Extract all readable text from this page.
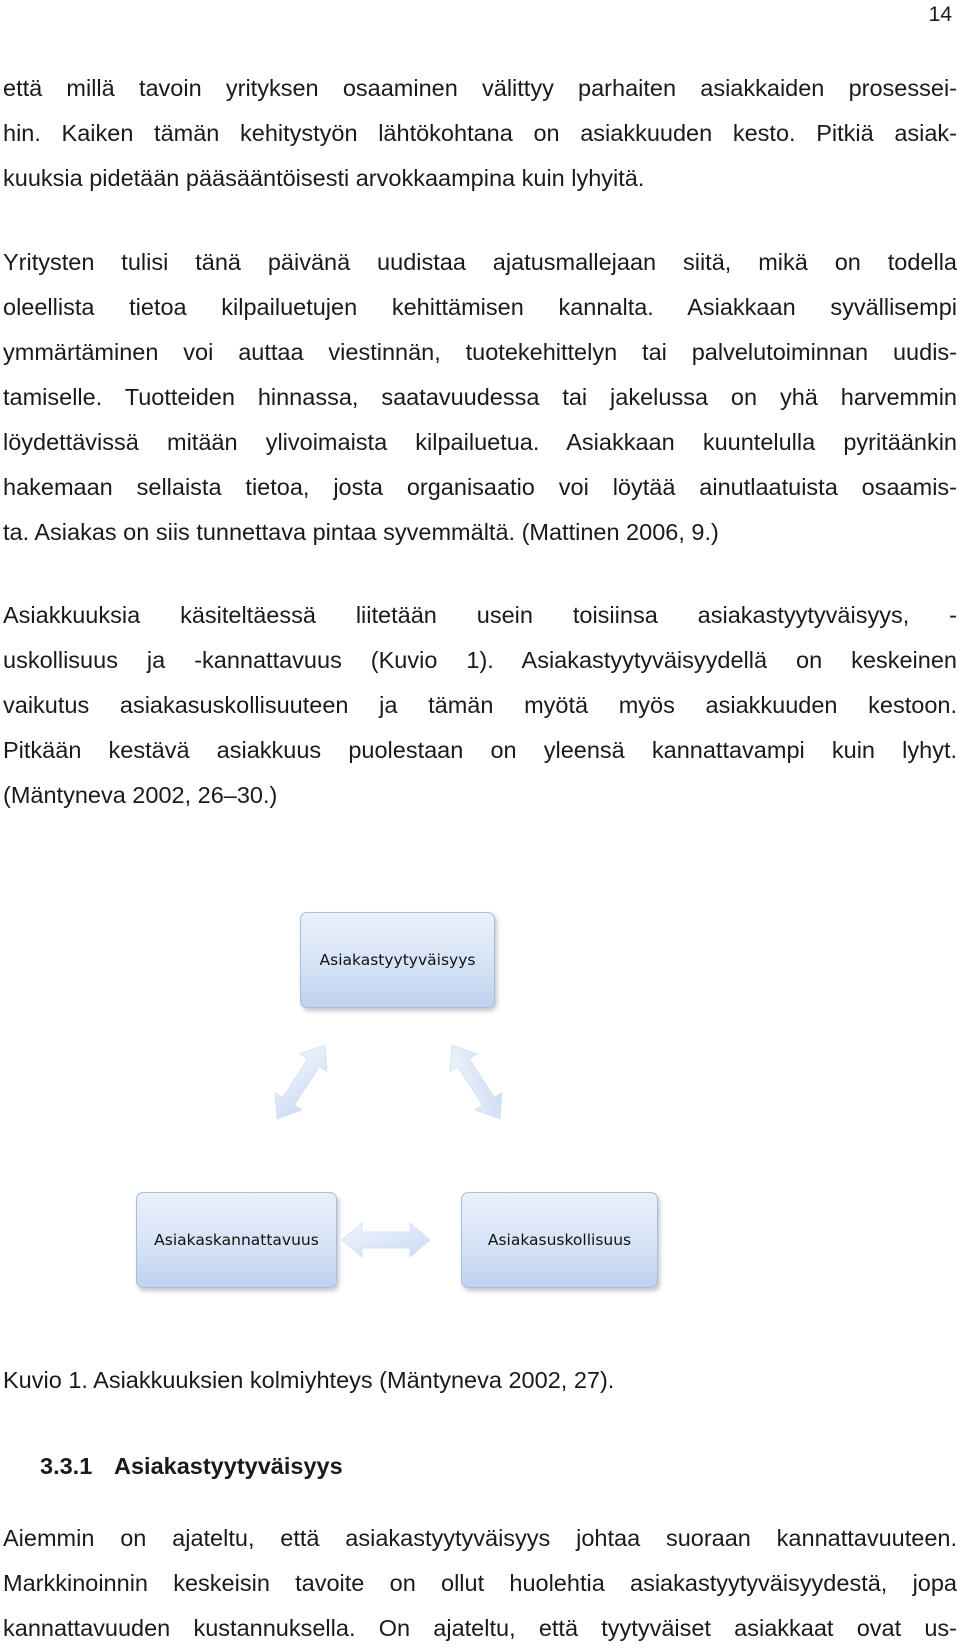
14
että millä tavoin yrityksen osaaminen välittyy parhaiten asiakkaiden prosessei-
hin. Kaiken tämän kehitystyön lähtökohtana on asiakkuuden kesto. Pitkiä asiak-
kuuksia pidetään pääsääntöisesti arvokkaampina kuin lyhyitä.
Yritysten tulisi tänä päivänä uudistaa ajatusmallejaan siitä, mikä on todella
oleellista tietoa kilpailuetujen kehittämisen kannalta. Asiakkaan syvällisempi
ymmärtäminen voi auttaa viestinnän, tuotekehittelyn tai palvelutoiminnan uudis-
tamiselle. Tuotteiden hinnassa, saatavuudessa tai jakelussa on yhä harvemmin
löydettävissä mitään ylivoimaista kilpailuetua. Asiakkaan kuuntelulla pyritäänkin
hakemaan sellaista tietoa, josta organisaatio voi löytää ainutlaatuista osaamis-
ta. Asiakas on siis tunnettava pintaa syvemmältä. (Mattinen 2006, 9.)
Asiakkuuksia käsiteltäessä liitetään usein toisiinsa asiakastyytyväisyys, -
uskollisuus ja -kannattavuus (Kuvio 1). Asiakastyytyväisyydellä on keskeinen
vaikutus asiakasuskollisuuteen ja tämän myötä myös asiakkuuden kestoon.
Pitkään kestävä asiakkuus puolestaan on yleensä kannattavampi kuin lyhyt.
(Mäntyneva 2002, 26–30.)
Asiakastyytyväisyys
Asiakaskannattavuus	Asiakasuskollisuus
Kuvio 1. Asiakkuuksien kolmiyhteys (Mäntyneva 2002, 27).
3.3.1 Asiakastyytyväisyys
Aiemmin on ajateltu, että asiakastyytyväisyys johtaa suoraan kannattavuuteen.
Markkinoinnin keskeisin tavoite on ollut huolehtia asiakastyytyväisyydestä, jopa
kannattavuuden kustannuksella. On ajateltu, että tyytyväiset asiakkaat ovat us-
